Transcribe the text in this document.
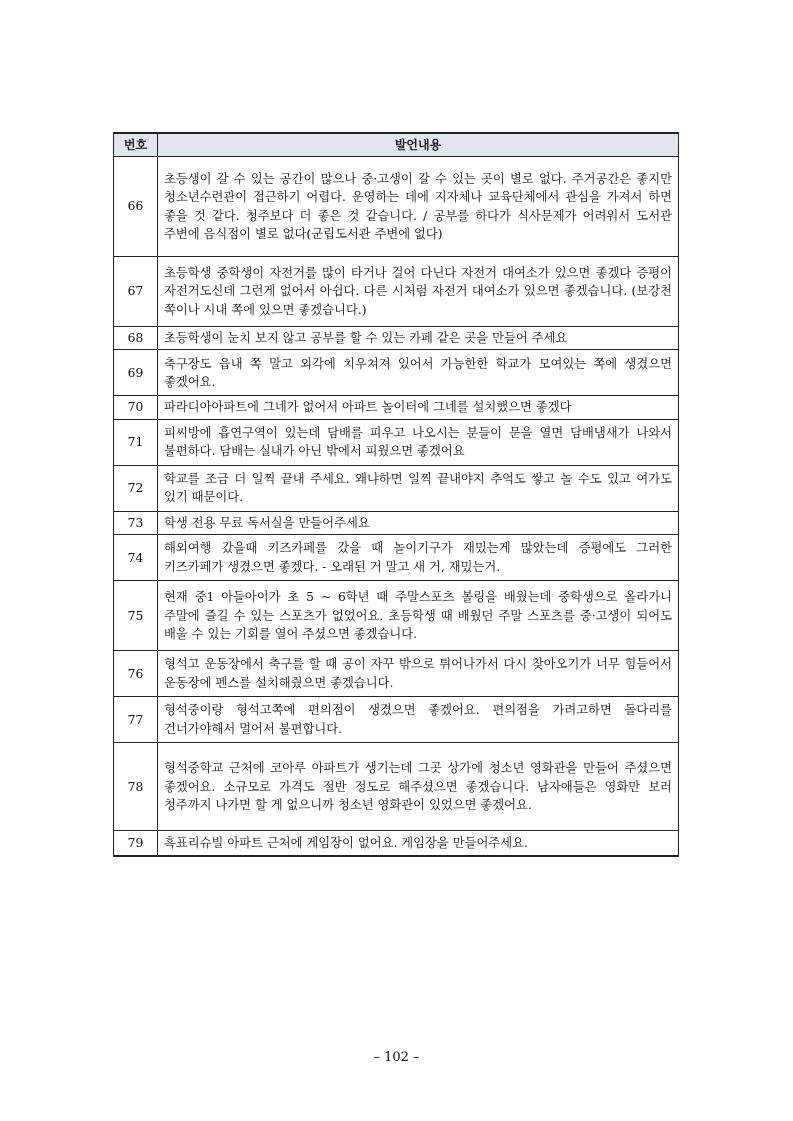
번호	발언내용
66	초등생이 갈 수 있는 공간이 많으나 중·고생이 갈 수 있는 곳이 별로 없다. 주거공간은 좋지만 청소년수련관이 접근하기 어렵다. 운영하는 데에 지자체나 교육단체에서 관심을 가져서 하면 좋을 것 같다. 청주보다 더 좋은 것 같습니다. / 공부를 하다가 식사문제가 어려워서 도서관 주변에 음식점이 별로 없다(군립도서관 주변에 없다)
67	초등학생 중학생이 자전거를 많이 타거나 걸어 다닌다 자전거 대여소가 있으면 좋겠다 증평이 자전거도신데 그런게 없어서 아쉽다. 다른 시처럼 자전거 대여소가 있으면 좋겠습니다. (보강천 쪽이나 시내 쪽에 있으면 좋겠습니다.)
68	초등학생이 눈치 보지 않고 공부를 할 수 있는 카페 같은 곳을 만들어 주세요
69	축구장도 읍내 쪽 말고 외각에 치우쳐져 있어서 가능한한 학교가 모여있는 쪽에 생겼으면 좋겠어요.
70	파라디아아파트에 그네가 없어서 아파트 놀이터에 그네를 설치했으면 좋겠다
71	피씨방에 흡연구역이 있는데 담배를 피우고 나오시는 분들이 문을 열면 담배냄새가 나와서 불편하다. 담배는 실내가 아닌 밖에서 피웠으면 좋겠어요
72	학교를 조금 더 일찍 끝내 주세요. 왜냐하면 일찍 끝내야지 추억도 쌓고 놀 수도 있고 여가도 있기 때문이다.
73	학생 전용 무료 독서실을 만들어주세요
74	해외여행 갔을때 키즈카페를 갔을 때 놀이기구가 재밌는게 많았는데 증평에도 그러한 키즈카페가 생겼으면 좋겠다. - 오래된 거 말고 새 거, 재밌는거.
75	현재 중1 아들아이가 초 5 ~ 6학년 때 주말스포츠 볼링을 배웠는데 중학생으로 올라가니 주말에 즐길 수 있는 스포츠가 없었어요. 초등학생 때 배웠던 주말 스포츠를 중·고생이 되어도 배울 수 있는 기회를 열어 주셨으면 좋겠습니다.
76	형석고 운동장에서 축구를 할 때 공이 자꾸 밖으로 튀어나가서 다시 찾아오기가 너무 힘들어서 운동장에 펜스를 설치해줬으면 좋겠습니다.
77	형석중이랑 형석고쪽에 편의점이 생겼으면 좋겠어요. 편의점을 가려고하면 돌다리를 건너가야해서 멀어서 불편합니다.
78	형석중학교 근처에 코아루 아파트가 생기는데 그곳 상가에 청소년 영화관을 만들어 주셨으면 좋겠어요. 소규모로 가격도 절반 정도로 해주셨으면 좋겠습니다. 남자애들은 영화만 보러 청주까지 나가면 할 게 없으니까 청소년 영화관이 있었으면 좋겠어요.
79	흑표리슈빌 아파트 근처에 게임장이 없어요. 게임장을 만들어주세요.
– 102 –
